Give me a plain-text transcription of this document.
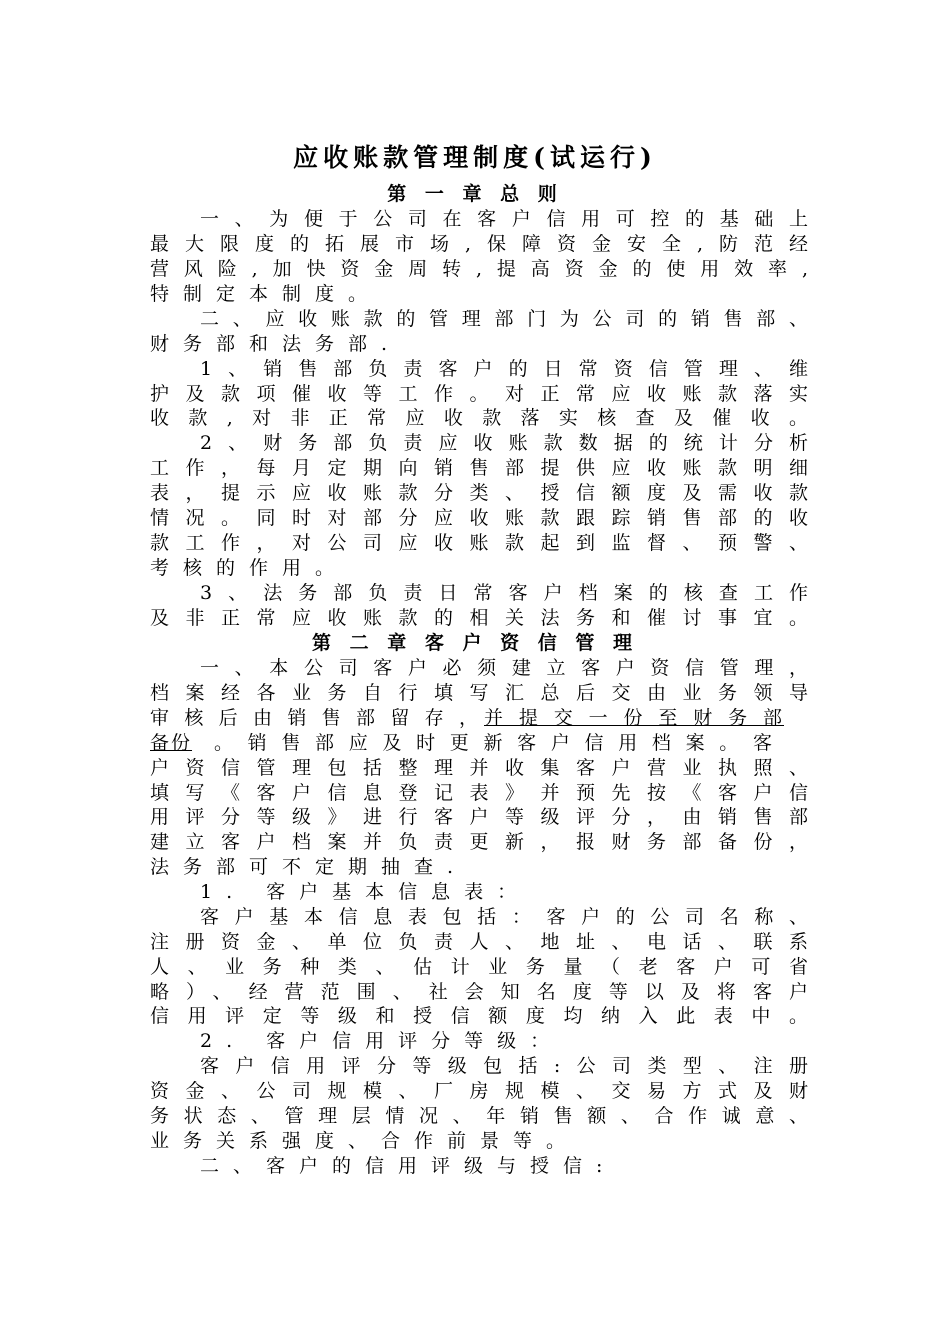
应收账款管理制度(试运行)
第 一 章 总 则
一、为便于公司在客户信用可控的基础上
最大限度的拓展市场,保障资金安全,防范经
营风险,加快资金周转,提高资金的使用效率,
特制定本制度。
二、应收账款的管理部门为公司的销售部、
财务部和法务部.
1、销售部负责客户的日常资信管理、维
护及款项催收等工作。对正常应收账款落实
收款,对非正常应收款落实核查及催收。
2、财务部负责应收账款数据的统计分析
工作，每月定期向销售部提供应收账款明细
表，提示应收账款分类、授信额度及需收款
情况。同时对部分应收账款跟踪销售部的收
款工作，对公司应收账款起到监督、预警、
考核的作用。
3、法务部负责日常客户档案的核查工作
及非正常应收账款的相关法务和催讨事宜。
第 二 章 客 户 资 信 管 理
一、本公司客户必须建立客户资信管理，
档案经各业务自行填写汇总后交由业务领导
审核后由销售部留存， 并提交一份至财务部
备份	。销售部应及时更新客户信用档案。客
户资信管理包括整理并收集客户营业执照、
填写《客户信息登记表》并预先按《客户信
用评分等级》进行客户等级评分，由销售部
建立客户档案并负责更新，报财务部备份，
法务部可不定期抽查.
1. 客户基本信息表：
客户基本信息表包括：客户的公司名称、
注册资金、单位负责人、地址、电话、联系
人、业务种类、估计业务量（老客户可省
略）、经营范围、社会知名度等以及将客户
信用评定等级和授信额度均纳入此表中。
2. 客户信用评分等级：
客户信用评分等级包括:公司类型、注册
资金、公司规模、厂房规模、交易方式及财
务状态、管理层情况、年销售额、合作诚意、
业务关系强度、合作前景等。
二、客户的信用评级与授信:
